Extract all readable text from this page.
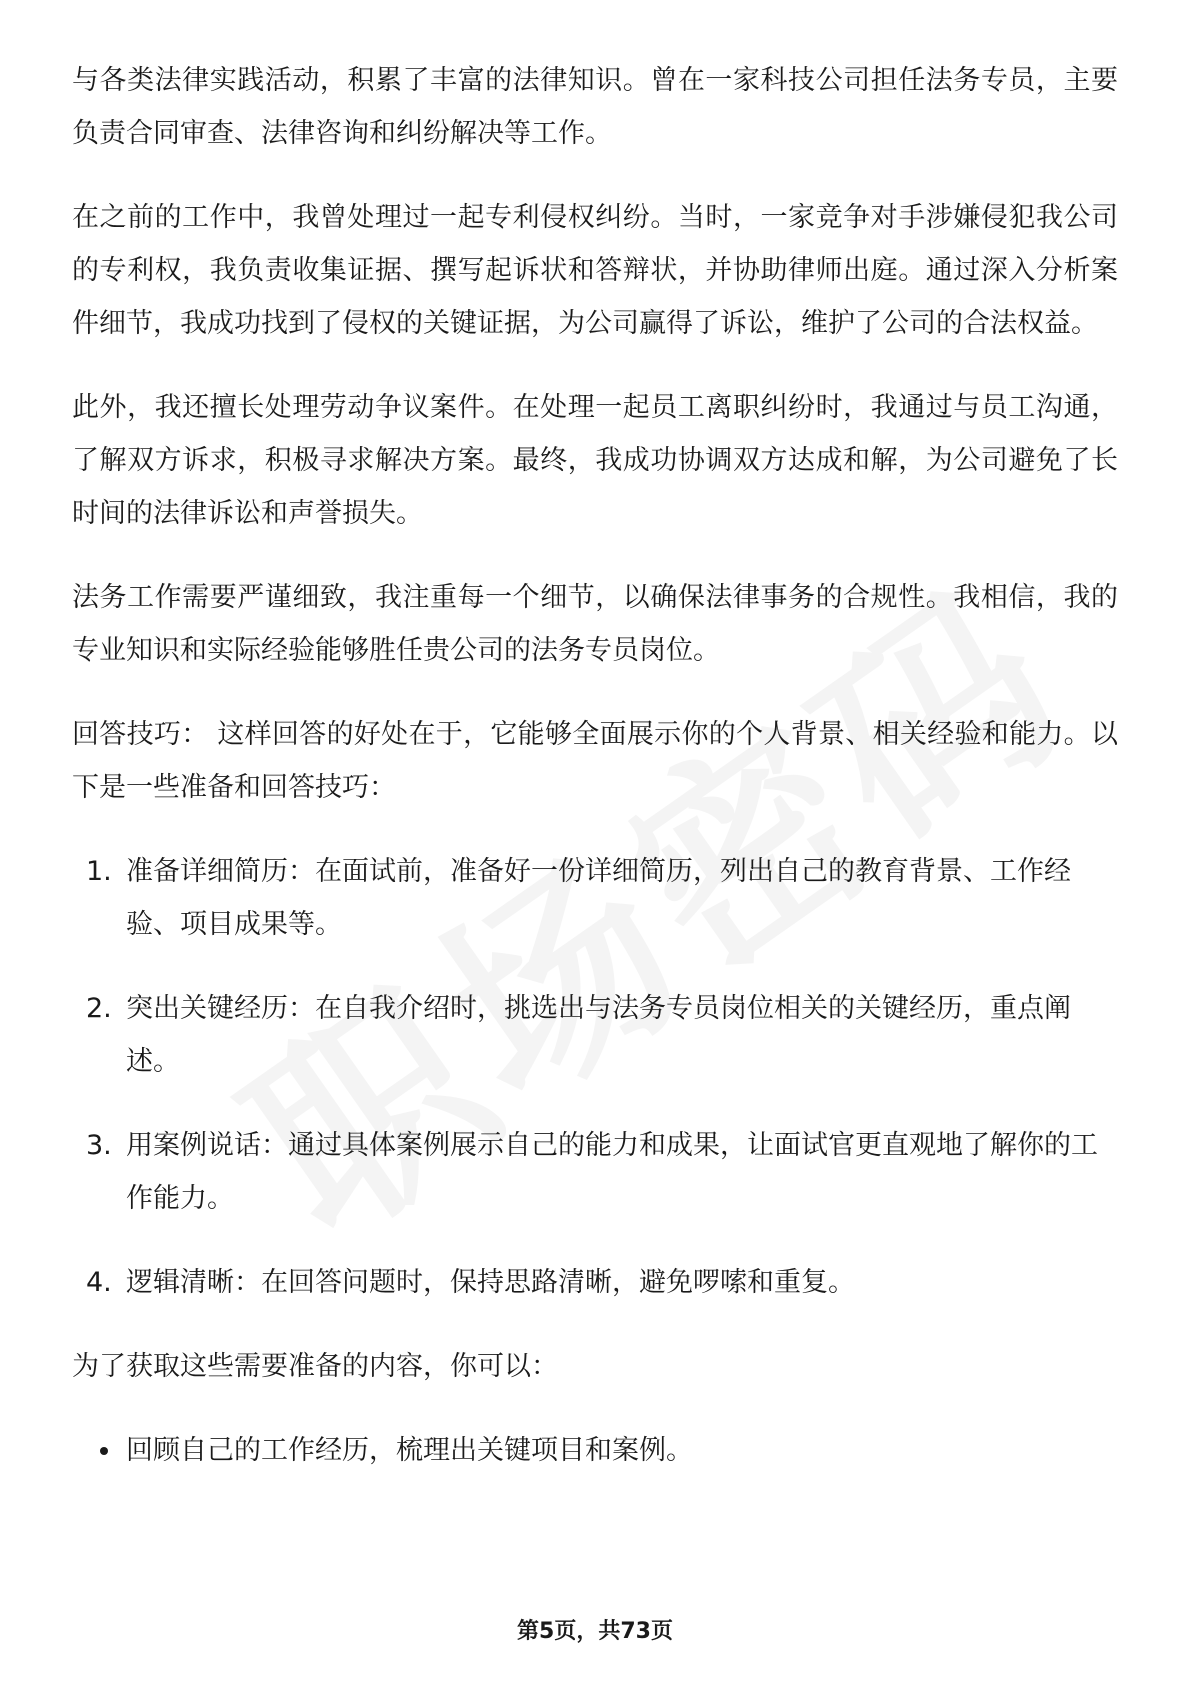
与各类法律实践活动，积累了丰富的法律知识。曾在一家科技公司担任法务专员，主要负责合同审查、法律咨询和纠纷解决等工作。

在之前的工作中，我曾处理过一起专利侵权纠纷。当时，一家竞争对手涉嫌侵犯我公司的专利权，我负责收集证据、撰写起诉状和答辩状，并协助律师出庭。通过深入分析案件细节，我成功找到了侵权的关键证据，为公司赢得了诉讼，维护了公司的合法权益。

此外，我还擅长处理劳动争议案件。在处理一起员工离职纠纷时，我通过与员工沟通，了解双方诉求，积极寻求解决方案。最终，我成功协调双方达成和解，为公司避免了长时间的法律诉讼和声誉损失。

法务工作需要严谨细致，我注重每一个细节，以确保法律事务的合规性。我相信，我的专业知识和实际经验能够胜任贵公司的法务专员岗位。

回答技巧： 这样回答的好处在于，它能够全面展示你的个人背景、相关经验和能力。以下是一些准备和回答技巧：

1. 准备详细简历：在面试前，准备好一份详细简历，列出自己的教育背景、工作经验、项目成果等。
2. 突出关键经历：在自我介绍时，挑选出与法务专员岗位相关的关键经历，重点阐述。
3. 用案例说话：通过具体案例展示自己的能力和成果，让面试官更直观地了解你的工作能力。
4. 逻辑清晰：在回答问题时，保持思路清晰，避免啰嗦和重复。

为了获取这些需要准备的内容，你可以：

回顾自己的工作经历，梳理出关键项目和案例。
第5页，共73页
